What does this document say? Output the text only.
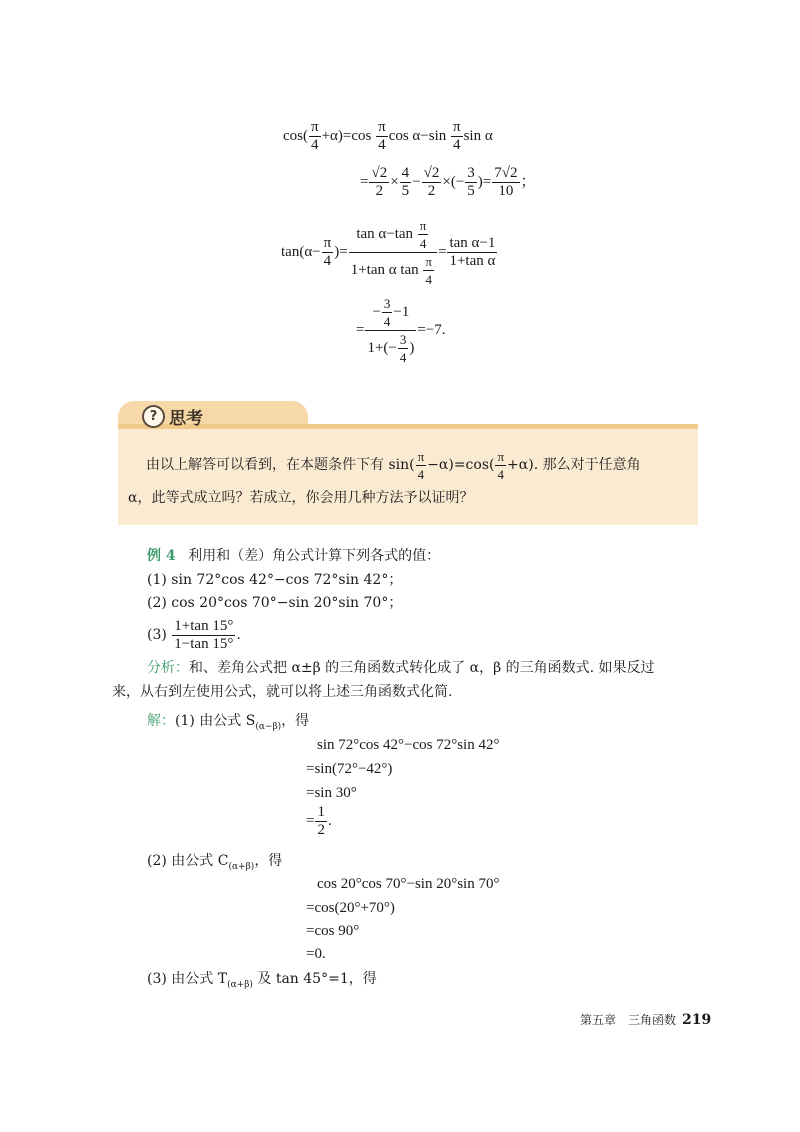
$\cos( \frac{\pi}{4} +\alpha)=\cos \frac{\pi}{4}$ $\cos \alpha-\sin \frac{\pi}{4}$ sin α
= $\frac{√2}{2} \times \frac{4}{5} - \frac{√2}{2}$ ×(− $\frac{3}{5}$ )= $\frac{7√2}{10}$ ；
$\tan(\alpha- \frac{\pi}{4}$ )= $\frac{\tan \alpha-\tan \frac{\pi}{4}}{1+\tan \alpha \tan \frac{\pi}{4}} = \frac{\text{tan α−1}}{\text{1+tan α}}$
= $\frac{- \frac{3}{4} -1}{1+(- \frac{3}{4} )} =-7$.
? 思考
由以上解答可以看到，在本题条件下有 $\sin( \frac{\pi}{4} -\alpha)=\cos( \frac{\pi}{4} +\alpha)$. 那么对于任意角
α，此等式成立吗？若成立，你会用几种方法予以证明？
例 4 利用和（差）角公式计算下列各式的值：
(1) sin 72°cos 42°−cos 72°sin 42°；
(2) cos 20°cos 70°−sin 20°sin 70°；
$(3) \frac{1+\tan 15^\circ}{1-\tan 15^\circ}$ .
分析：和、差角公式把 α±β 的三角函数式转化成了 α，β 的三角函数式. 如果反过
来，从右到左使用公式，就可以将上述三角函数式化简.
解：(1) 由公式 $S_{(\alpha-\beta)}$，得
sin 72°cos 42°−cos 72°sin 42°
=sin(72°−42°)
=sin 30°
= $\frac{1}{2}$ .
(2) 由公式 $C_{(\alpha+\beta)}$，得
cos 20°cos 70°−sin 20°sin 70°
=cos(20°+70°)
=cos 90°
=0.
(3) 由公式 $T_{(\alpha+\beta)}$ 及 tan 45°=1，得
第五章　三角函数 219
